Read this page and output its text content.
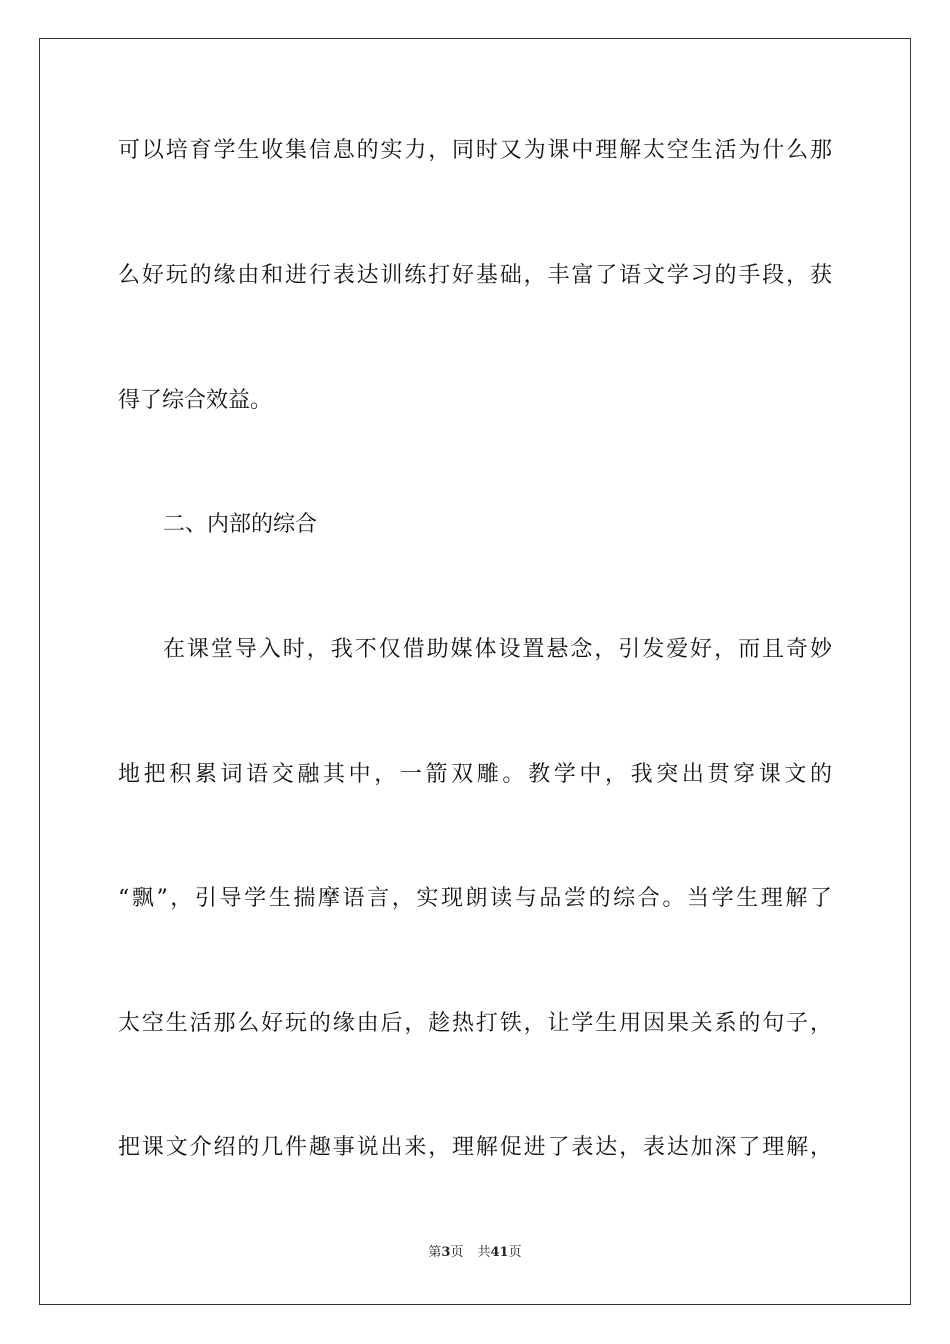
可以培育学生收集信息的实力，同时又为课中理解太空生活为什么那
么好玩的缘由和进行表达训练打好基础，丰富了语文学习的手段，获
得了综合效益。
二、内部的综合
在课堂导入时，我不仅借助媒体设置悬念，引发爱好，而且奇妙
地把积累词语交融其中，一箭双雕。教学中，我突出贯穿课文的
“飘”，引导学生揣摩语言，实现朗读与品尝的综合。当学生理解了
太空生活那么好玩的缘由后，趁热打铁，让学生用因果关系的句子，
把课文介绍的几件趣事说出来，理解促进了表达，表达加深了理解，
第3页 共41页
